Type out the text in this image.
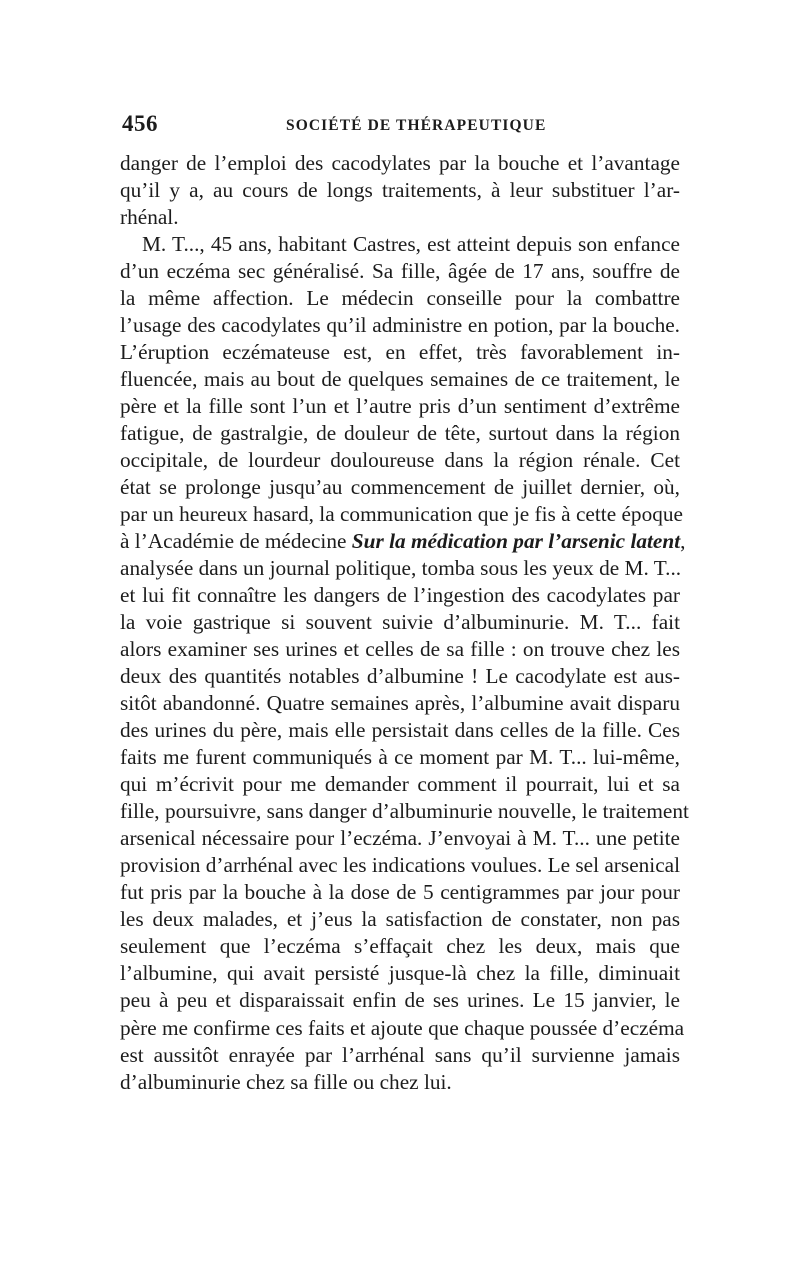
456	SOCIÉTÉ DE THÉRAPEUTIQUE
danger de l’emploi des cacodylates par la bouche et l’avantage
qu’il y a, au cours de longs traitements, à leur substituer l’ar-
rhénal.
M. T..., 45 ans, habitant Castres, est atteint depuis son enfance
d’un eczéma sec généralisé. Sa fille, âgée de 17 ans, souffre de
la même affection. Le médecin conseille pour la combattre
l’usage des cacodylates qu’il administre en potion, par la bouche.
L’éruption eczémateuse est, en effet, très favorablement in-
fluencée, mais au bout de quelques semaines de ce traitement, le
père et la fille sont l’un et l’autre pris d’un sentiment d’extrême
fatigue, de gastralgie, de douleur de tête, surtout dans la région
occipitale, de lourdeur douloureuse dans la région rénale. Cet
état se prolonge jusqu’au commencement de juillet dernier, où,
par un heureux hasard, la communication que je fis à cette époque
à l’Académie de médecine Sur la médication par l’arsenic latent,
analysée dans un journal politique, tomba sous les yeux de M. T...
et lui fit connaître les dangers de l’ingestion des cacodylates par
la voie gastrique si souvent suivie d’albuminurie. M. T... fait
alors examiner ses urines et celles de sa fille : on trouve chez les
deux des quantités notables d’albumine ! Le cacodylate est aus-
sitôt abandonné. Quatre semaines après, l’albumine avait disparu
des urines du père, mais elle persistait dans celles de la fille. Ces
faits me furent communiqués à ce moment par M. T... lui-même,
qui m’écrivit pour me demander comment il pourrait, lui et sa
fille, poursuivre, sans danger d’albuminurie nouvelle, le traitement
arsenical nécessaire pour l’eczéma. J’envoyai à M. T... une petite
provision d’arrhénal avec les indications voulues. Le sel arsenical
fut pris par la bouche à la dose de 5 centigrammes par jour pour
les deux malades, et j’eus la satisfaction de constater, non pas
seulement que l’eczéma s’effaçait chez les deux, mais que
l’albumine, qui avait persisté jusque-là chez la fille, diminuait
peu à peu et disparaissait enfin de ses urines. Le 15 janvier, le
père me confirme ces faits et ajoute que chaque poussée d’eczéma
est aussitôt enrayée par l’arrhénal sans qu’il survienne jamais
d’albuminurie chez sa fille ou chez lui.
